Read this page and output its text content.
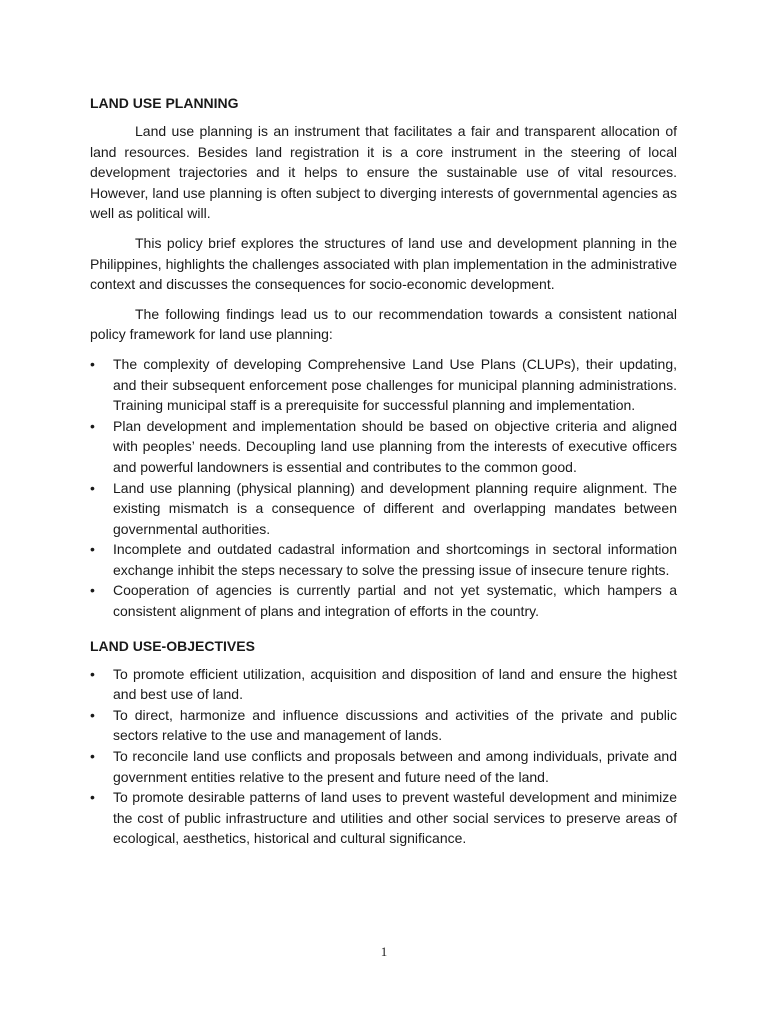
LAND USE PLANNING

Land use planning is an instrument that facilitates a fair and transparent allocation of land resources. Besides land registration it is a core instrument in the steering of local development trajectories and it helps to ensure the sustainable use of vital resources. However, land use planning is often subject to diverging interests of governmental agencies as well as political will.

This policy brief explores the structures of land use and development planning in the Philippines, highlights the challenges associated with plan implementation in the administrative context and discusses the consequences for socio-economic development.

The following findings lead us to our recommendation towards a consistent national policy framework for land use planning:

• The complexity of developing Comprehensive Land Use Plans (CLUPs), their updating, and their subsequent enforcement pose challenges for municipal planning administrations. Training municipal staff is a prerequisite for successful planning and implementation.
• Plan development and implementation should be based on objective criteria and aligned with peoples’ needs. Decoupling land use planning from the interests of executive officers and powerful landowners is essential and contributes to the common good.
• Land use planning (physical planning) and development planning require alignment. The existing mismatch is a consequence of different and overlapping mandates between governmental authorities.
• Incomplete and outdated cadastral information and shortcomings in sectoral information exchange inhibit the steps necessary to solve the pressing issue of insecure tenure rights.
• Cooperation of agencies is currently partial and not yet systematic, which hampers a consistent alignment of plans and integration of efforts in the country.
LAND USE-OBJECTIVES
• To promote efficient utilization, acquisition and disposition of land and ensure the highest and best use of land.
• To direct, harmonize and influence discussions and activities of the private and public sectors relative to the use and management of lands.
• To reconcile land use conflicts and proposals between and among individuals, private and government entities relative to the present and future need of the land.
• To promote desirable patterns of land uses to prevent wasteful development and minimize the cost of public infrastructure and utilities and other social services to preserve areas of ecological, aesthetics, historical and cultural significance.
1
